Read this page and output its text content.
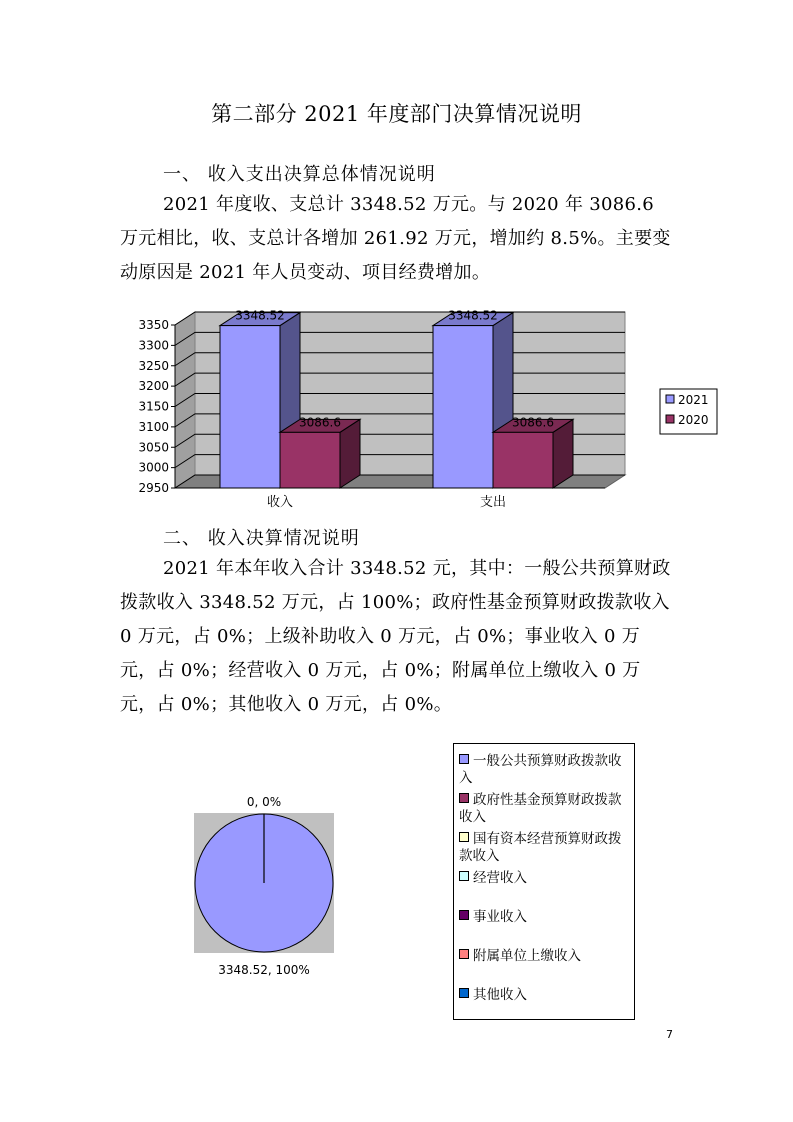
第二部分 2021 年度部门决算情况说明
一、 收入支出决算总体情况说明
2021 年度收、支总计 3348.52 万元。与 2020 年 3086.6 万元相比，收、支总计各增加 261.92 万元，增加约 8.5%。主要变动原因是 2021 年人员变动、项目经费增加。
3350
3300
3250
3200
3150
3100
3050
3000
2950
3348.52
3086.6
3348.52
3086.6
收入	支出
2021
2020
二、 收入决算情况说明
2021 年本年收入合计 3348.52 元，其中：一般公共预算财政拨款收入 3348.52 万元，占 100%；政府性基金预算财政拨款收入 0 万元，占 0%；上级补助收入 0 万元，占 0%；事业收入 0 万元，占 0%；经营收入 0 万元，占 0%；附属单位上缴收入 0 万元，占 0%；其他收入 0 万元，占 0%。
0, 0%
3348.52, 100%
一般公共预算财政拨款收入
政府性基金预算财政拨款收入
国有资本经营预算财政拨款收入
经营收入
事业收入
附属单位上缴收入
其他收入
7
